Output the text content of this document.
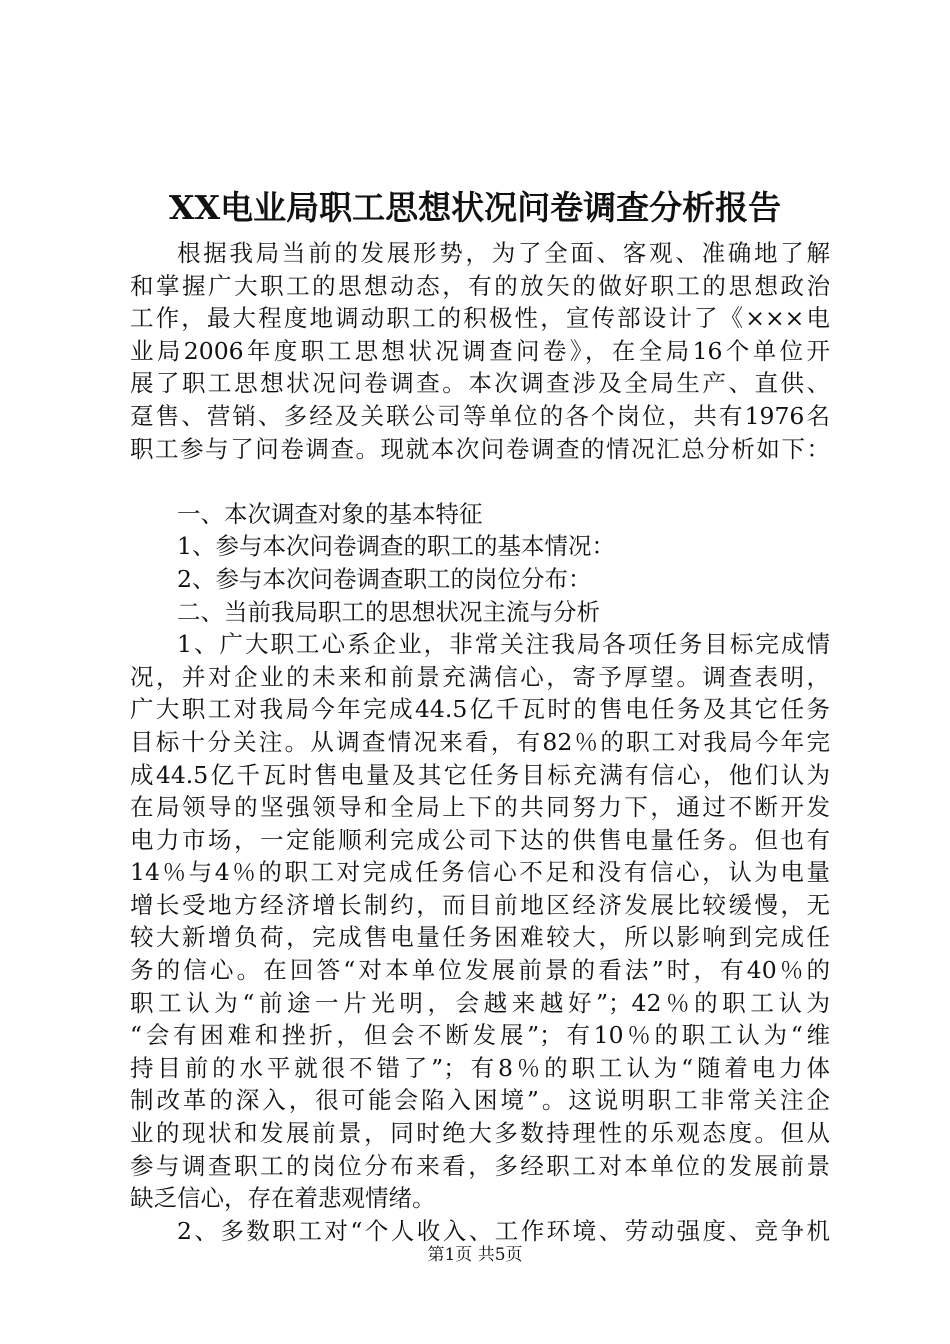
XX电业局职工思想状况问卷调查分析报告
根据我局当前的发展形势，为了全面、客观、准确地了解
和掌握广大职工的思想动态，有的放矢的做好职工的思想政治
工作，最大程度地调动职工的积极性，宣传部设计了《×××电
业局2006年度职工思想状况调查问卷》，在全局16个单位开
展了职工思想状况问卷调查。本次调查涉及全局生产、直供、
趸售、营销、多经及关联公司等单位的各个岗位，共有1976名
职工参与了问卷调查。现就本次问卷调查的情况汇总分析如下：
一、本次调查对象的基本特征
1、参与本次问卷调查的职工的基本情况：
2、参与本次问卷调查职工的岗位分布：
二、当前我局职工的思想状况主流与分析
1、广大职工心系企业，非常关注我局各项任务目标完成情
况，并对企业的未来和前景充满信心，寄予厚望。调查表明，
广大职工对我局今年完成44.5亿千瓦时的售电任务及其它任务
目标十分关注。从调查情况来看，有82％的职工对我局今年完
成44.5亿千瓦时售电量及其它任务目标充满有信心，他们认为
在局领导的坚强领导和全局上下的共同努力下，通过不断开发
电力市场，一定能顺利完成公司下达的供售电量任务。但也有
14％与4％的职工对完成任务信心不足和没有信心，认为电量
增长受地方经济增长制约，而目前地区经济发展比较缓慢，无
较大新增负荷，完成售电量任务困难较大，所以影响到完成任
务的信心。在回答“对本单位发展前景的看法”时，有40％的
职工认为“前途一片光明，会越来越好”；42％的职工认为
“会有困难和挫折，但会不断发展”；有10％的职工认为“维
持目前的水平就很不错了”；有8％的职工认为“随着电力体
制改革的深入，很可能会陷入困境”。这说明职工非常关注企
业的现状和发展前景，同时绝大多数持理性的乐观态度。但从
参与调查职工的岗位分布来看，多经职工对本单位的发展前景
缺乏信心，存在着悲观情绪。
2、多数职工对“个人收入、工作环境、劳动强度、竞争机
第1页 共5页
